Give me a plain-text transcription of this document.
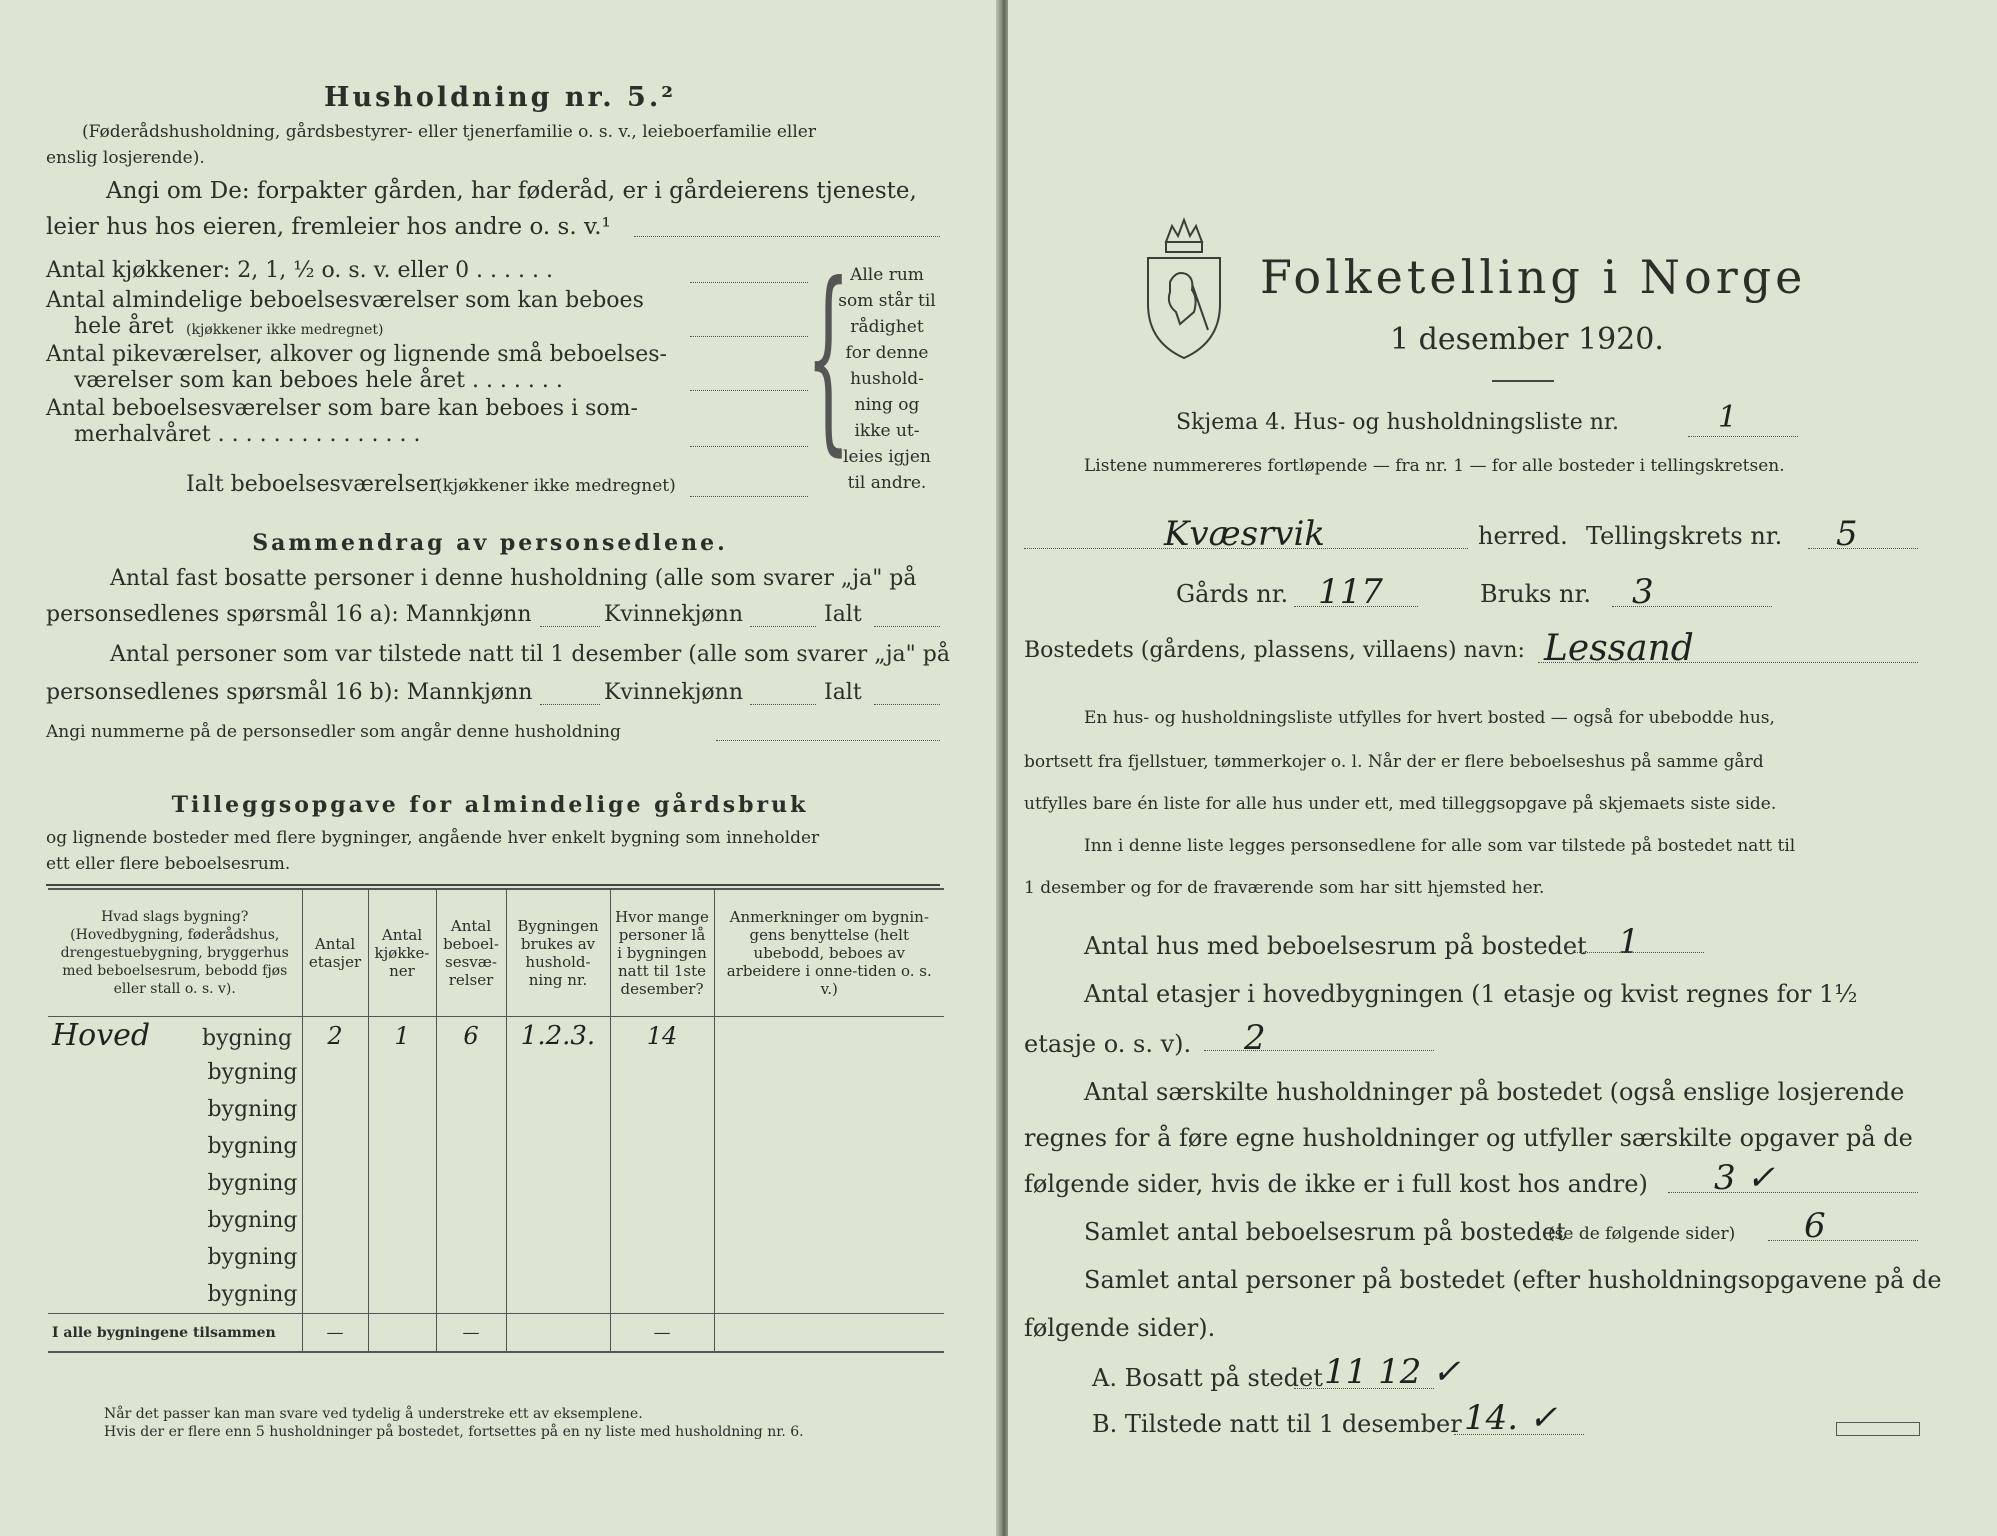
Husholdning nr. 5.²
(Føderådshusholdning, gårdsbestyrer- eller tjenerfamilie o. s. v., leieboerfamilie eller
enslig losjerende).
Angi om De: forpakter gården, har føderåd, er i gårdeierens tjeneste,
leier hus hos eieren, fremleier hos andre o. s. v.¹
Antal kjøkkener: 2, 1, ½ o. s. v. eller 0 . . . . . .
Antal almindelige beboelsesværelser som kan beboes
hele året (kjøkkener ikke medregnet)
Antal pikeværelser, alkover og lignende små beboelses-
værelser som kan beboes hele året . . . . . . .
Antal beboelsesværelser som bare kan beboes i som-
merhalvåret . . . . . . . . . . . . . . .
Ialt beboelsesværelser
(kjøkkener ikke medregnet)
{ Alle rum
som står til
rådighet
for denne
hushold-
ning og
ikke ut-
leies igjen
til andre.
Sammendrag av personsedlene.
Antal fast bosatte personer i denne husholdning (alle som svarer „ja" på
personsedlenes spørsmål 16 a): Mannkjønn	Kvinnekjønn	Ialt
Antal personer som var tilstede natt til 1 desember (alle som svarer „ja" på
personsedlenes spørsmål 16 b): Mannkjønn	Kvinnekjønn	Ialt
Angi nummerne på de personsedler som angår denne husholdning
Tilleggsopgave for almindelige gårdsbruk
og lignende bosteder med flere bygninger, angående hver enkelt bygning som inneholder
ett eller flere beboelsesrum.
Hvad slags bygning?
(Hovedbygning, føderådshus, drengestuebygning, bryggerhus med beboelsesrum, bebodd fjøs eller stall o. s. v).	Antal etasjer	Antal kjøkke-ner	Antal beboel-sesvæ-relser	Bygningen brukes av hushold-ning nr.	Hvor mange personer lå i bygningen natt til 1ste desember?	Anmerkninger om bygnin-gens benyttelse (helt ubebodd, beboes av arbeidere i onne-tiden o. s. v.)
Hoved bygning	2	1	6	1.2.3.	14	
bygning						
bygning						
bygning						
bygning						
bygning						
bygning						
bygning						
I alle bygningene tilsammen	—		—		—	
Når det passer kan man svare ved tydelig å understreke ett av eksemplene.
Hvis der er flere enn 5 husholdninger på bostedet, fortsettes på en ny liste med husholdning nr. 6.
Folketelling i Norge
1 desember 1920.
Skjema 4. Hus- og husholdningsliste nr.	1
Listene nummereres fortløpende — fra nr. 1 — for alle bosteder i tellingskretsen.
Kvæsrvik	herred. Tellingskrets nr. 5
Gårds nr. 117	Bruks nr. 3
Bostedets (gårdens, plassens, villaens) navn: Lessand
En hus- og husholdningsliste utfylles for hvert bosted — også for ubebodde hus,
bortsett fra fjellstuer, tømmerkojer o. l. Når der er flere beboelseshus på samme gård
utfylles bare én liste for alle hus under ett, med tilleggsopgave på skjemaets siste side.
Inn i denne liste legges personsedlene for alle som var tilstede på bostedet natt til
1 desember og for de fraværende som har sitt hjemsted her.
Antal hus med beboelsesrum på bostedet 1
Antal etasjer i hovedbygningen (1 etasje og kvist regnes for 1½
etasje o. s. v). 2
Antal særskilte husholdninger på bostedet (også enslige losjerende
regnes for å føre egne husholdninger og utfyller særskilte opgaver på de
følgende sider, hvis de ikke er i full kost hos andre) 3 ✓
Samlet antal beboelsesrum på bostedet
(se de følgende sider) 6
Samlet antal personer på bostedet (efter husholdningsopgavene på de
følgende sider).
A. Bosatt på stedet 11 12 ✓
B. Tilstede natt til 1 desember 14. ✓
